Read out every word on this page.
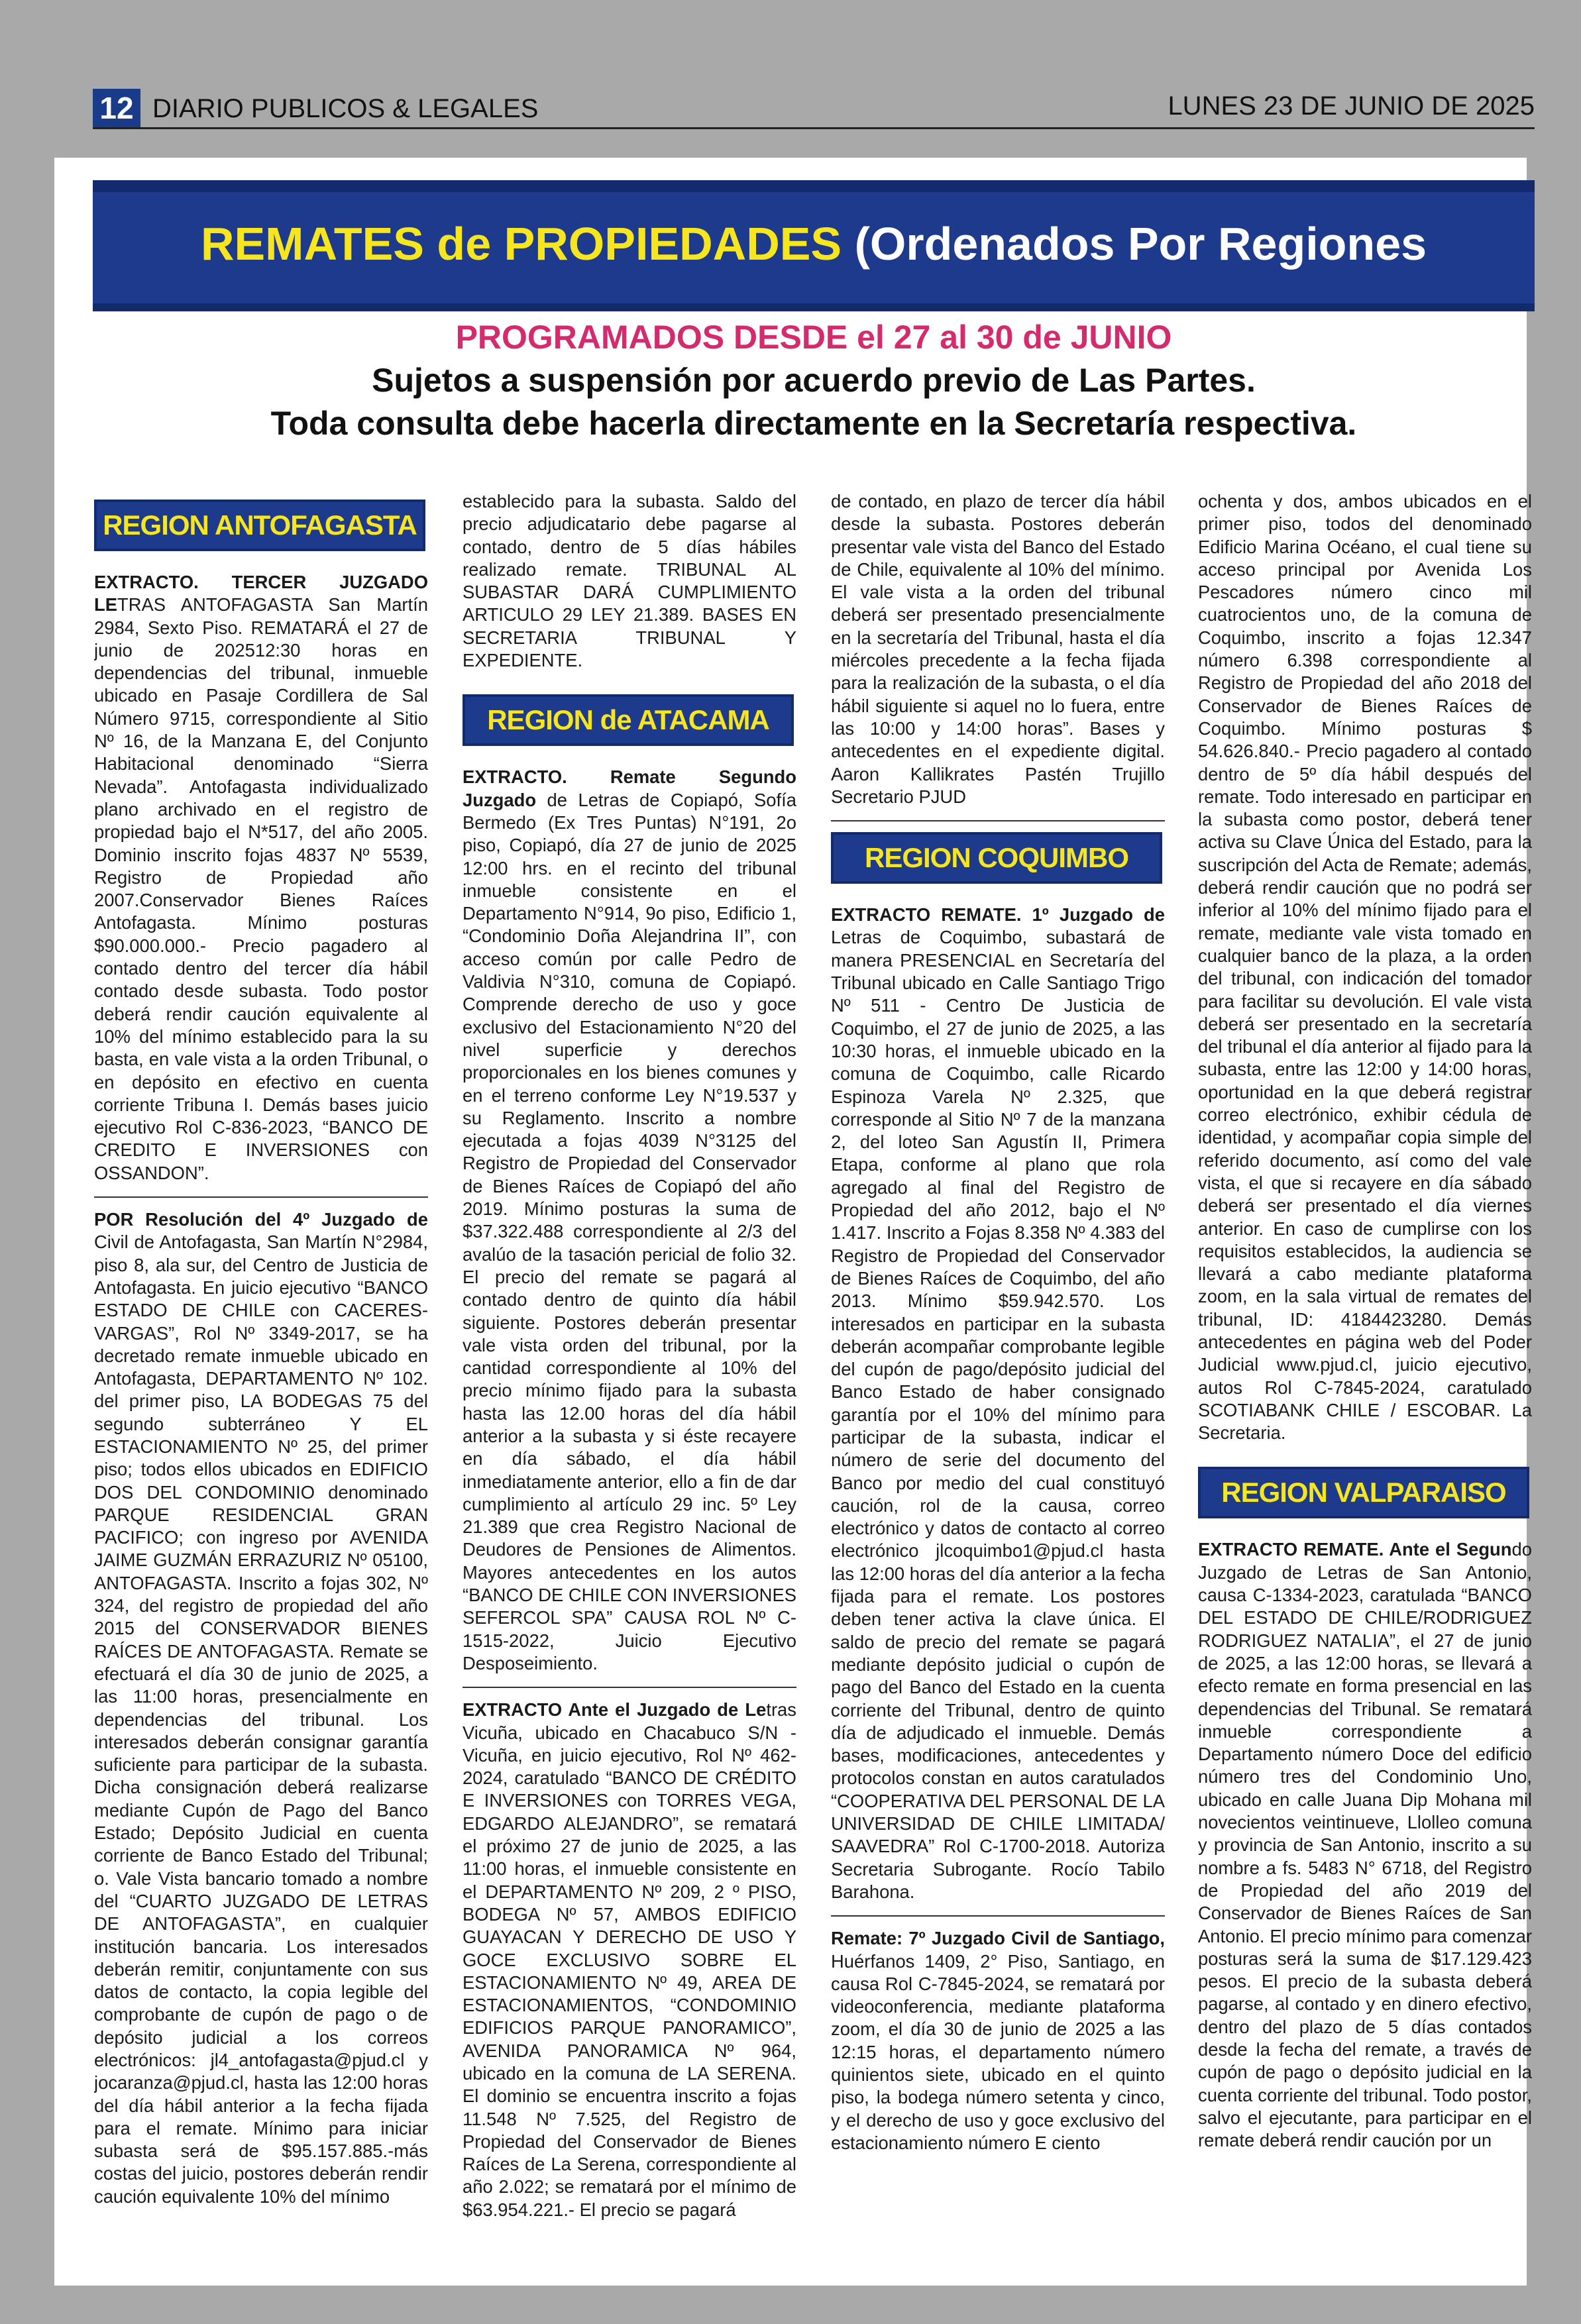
12 DIARIO PUBLICOS & LEGALES	LUNES 23 DE JUNIO DE 2025
REMATES de PROPIEDADES (Ordenados Por Regiones
PROGRAMADOS DESDE el 27 al 30 de JUNIO
Sujetos a suspensión por acuerdo previo de Las Partes.
Toda consulta debe hacerla directamente en la Secretaría respectiva.
REGION ANTOFAGASTA
EXTRACTO. TERCER JUZGADO LETRAS ANTOFAGASTA San Martín 2984, Sexto Piso. REMATARÁ el 27 de junio de 202512:30 horas en dependencias del tribunal, inmueble ubicado en Pasaje Cordillera de Sal Número 9715, correspondiente al Sitio Nº 16, de la Manzana E, del Conjunto Habitacional denominado “Sierra Nevada”. Antofagasta individualizado plano archivado en el registro de propiedad bajo el N*517, del año 2005. Dominio inscrito fojas 4837 Nº 5539, Registro de Propiedad año 2007.Conservador Bienes Raíces Antofagasta. Mínimo posturas $90.000.000.- Precio pagadero al contado dentro del tercer día hábil contado desde subasta. Todo postor deberá rendir caución equivalente al 10% del mínimo establecido para la su basta, en vale vista a la orden Tribunal, o en depósito en efectivo en cuenta corriente Tribuna I. Demás bases juicio ejecutivo Rol C-836-2023, “BANCO DE CREDITO E INVERSIONES con OSSANDON”.
POR Resolución del 4º Juzgado de Civil de Antofagasta, San Martín N°2984, piso 8, ala sur, del Centro de Justicia de Antofagasta. En juicio ejecutivo “BANCO ESTADO DE CHILE con CACERES-VARGAS”, Rol Nº 3349-2017, se ha decretado remate inmueble ubicado en Antofagasta, DEPARTAMENTO Nº 102. del primer piso, LA BODEGAS 75 del segundo subterráneo Y EL ESTACIONAMIENTO Nº 25, del primer piso; todos ellos ubicados en EDIFICIO DOS DEL CONDOMINIO denominado PARQUE RESIDENCIAL GRAN PACIFICO; con ingreso por AVENIDA JAIME GUZMÁN ERRAZURIZ Nº 05100, ANTOFAGASTA. Inscrito a fojas 302, Nº 324, del registro de propiedad del año 2015 del CONSERVADOR BIENES RAÍCES DE ANTOFAGASTA. Remate se efectuará el día 30 de junio de 2025, a las 11:00 horas, presencialmente en dependencias del tribunal. Los interesados deberán consignar garantía suficiente para participar de la subasta. Dicha consignación deberá realizarse mediante Cupón de Pago del Banco Estado; Depósito Judicial en cuenta corriente de Banco Estado del Tribunal; o. Vale Vista bancario tomado a nombre del “CUARTO JUZGADO DE LETRAS DE ANTOFAGASTA”, en cualquier institución bancaria. Los interesados deberán remitir, conjuntamente con sus datos de contacto, la copia legible del comprobante de cupón de pago o de depósito judicial a los correos electrónicos: jl4_antofagasta@pjud.cl y jocaranza@pjud.cl, hasta las 12:00 horas del día hábil anterior a la fecha fijada para el remate. Mínimo para iniciar subasta será de $95.157.885.-más costas del juicio, postores deberán rendir caución equivalente 10% del mínimo
establecido para la subasta. Saldo del precio adjudicatario debe pagarse al contado, dentro de 5 días hábiles realizado remate. TRIBUNAL AL SUBASTAR DARÁ CUMPLIMIENTO ARTICULO 29 LEY 21.389. BASES EN SECRETARIA TRIBUNAL Y EXPEDIENTE.
REGION de ATACAMA
EXTRACTO. Remate Segundo Juzgado de Letras de Copiapó, Sofía Bermedo (Ex Tres Puntas) N°191, 2o piso, Copiapó, día 27 de junio de 2025 12:00 hrs. en el recinto del tribunal inmueble consistente en el Departamento N°914, 9o piso, Edificio 1, “Condominio Doña Alejandrina II”, con acceso común por calle Pedro de Valdivia N°310, comuna de Copiapó. Comprende derecho de uso y goce exclusivo del Estacionamiento N°20 del nivel superficie y derechos proporcionales en los bienes comunes y en el terreno conforme Ley N°19.537 y su Reglamento. Inscrito a nombre ejecutada a fojas 4039 N°3125 del Registro de Propiedad del Conservador de Bienes Raíces de Copiapó del año 2019. Mínimo posturas la suma de $37.322.488 correspondiente al 2/3 del avalúo de la tasación pericial de folio 32. El precio del remate se pagará al contado dentro de quinto día hábil siguiente. Postores deberán presentar vale vista orden del tribunal, por la cantidad correspondiente al 10% del precio mínimo fijado para la subasta hasta las 12.00 horas del día hábil anterior a la subasta y si éste recayere en día sábado, el día hábil inmediatamente anterior, ello a fin de dar cumplimiento al artículo 29 inc. 5º Ley 21.389 que crea Registro Nacional de Deudores de Pensiones de Alimentos. Mayores antecedentes en los autos “BANCO DE CHILE CON INVERSIONES SEFERCOL SPA” CAUSA ROL Nº C-1515-2022, Juicio Ejecutivo Desposeimiento.
EXTRACTO Ante el Juzgado de Letras Vicuña, ubicado en Chacabuco S/N - Vicuña, en juicio ejecutivo, Rol Nº 462-2024, caratulado “BANCO DE CRÉDITO E INVERSIONES con TORRES VEGA, EDGARDO ALEJANDRO”, se rematará el próximo 27 de junio de 2025, a las 11:00 horas, el inmueble consistente en el DEPARTAMENTO Nº 209, 2 º PISO, BODEGA Nº 57, AMBOS EDIFICIO GUAYACAN Y DERECHO DE USO Y GOCE EXCLUSIVO SOBRE EL ESTACIONAMIENTO Nº 49, AREA DE ESTACIONAMIENTOS, “CONDOMINIO EDIFICIOS PARQUE PANORAMICO”, AVENIDA PANORAMICA Nº 964, ubicado en la comuna de LA SERENA. El dominio se encuentra inscrito a fojas 11.548 Nº 7.525, del Registro de Propiedad del Conservador de Bienes Raíces de La Serena, correspondiente al año 2.022; se rematará por el mínimo de $63.954.221.- El precio se pagará
de contado, en plazo de tercer día hábil desde la subasta. Postores deberán presentar vale vista del Banco del Estado de Chile, equivalente al 10% del mínimo. El vale vista a la orden del tribunal deberá ser presentado presencialmente en la secretaría del Tribunal, hasta el día miércoles precedente a la fecha fijada para la realización de la subasta, o el día hábil siguiente si aquel no lo fuera, entre las 10:00 y 14:00 horas”. Bases y antecedentes en el expediente digital. Aaron Kallikrates Pastén Trujillo Secretario PJUD
REGION COQUIMBO
EXTRACTO REMATE. 1º Juzgado de Letras de Coquimbo, subastará de manera PRESENCIAL en Secretaría del Tribunal ubicado en Calle Santiago Trigo Nº 511 - Centro De Justicia de Coquimbo, el 27 de junio de 2025, a las 10:30 horas, el inmueble ubicado en la comuna de Coquimbo, calle Ricardo Espinoza Varela Nº 2.325, que corresponde al Sitio Nº 7 de la manzana 2, del loteo San Agustín II, Primera Etapa, conforme al plano que rola agregado al final del Registro de Propiedad del año 2012, bajo el Nº 1.417. Inscrito a Fojas 8.358 Nº 4.383 del Registro de Propiedad del Conservador de Bienes Raíces de Coquimbo, del año 2013. Mínimo $59.942.570. Los interesados en participar en la subasta deberán acompañar comprobante legible del cupón de pago/depósito judicial del Banco Estado de haber consignado garantía por el 10% del mínimo para participar de la subasta, indicar el número de serie del documento del Banco por medio del cual constituyó caución, rol de la causa, correo electrónico y datos de contacto al correo electrónico jlcoquimbo1@pjud.cl hasta las 12:00 horas del día anterior a la fecha fijada para el remate. Los postores deben tener activa la clave única. El saldo de precio del remate se pagará mediante depósito judicial o cupón de pago del Banco del Estado en la cuenta corriente del Tribunal, dentro de quinto día de adjudicado el inmueble. Demás bases, modificaciones, antecedentes y protocolos constan en autos caratulados “COOPERATIVA DEL PERSONAL DE LA UNIVERSIDAD DE CHILE LIMITADA/ SAAVEDRA” Rol C-1700-2018. Autoriza Secretaria Subrogante. Rocío Tabilo Barahona.
Remate: 7º Juzgado Civil de Santiago, Huérfanos 1409, 2° Piso, Santiago, en causa Rol C-7845-2024, se rematará por videoconferencia, mediante plataforma zoom, el día 30 de junio de 2025 a las 12:15 horas, el departamento número quinientos siete, ubicado en el quinto piso, la bodega número setenta y cinco, y el derecho de uso y goce exclusivo del estacionamiento número E ciento
ochenta y dos, ambos ubicados en el primer piso, todos del denominado Edificio Marina Océano, el cual tiene su acceso principal por Avenida Los Pescadores número cinco mil cuatrocientos uno, de la comuna de Coquimbo, inscrito a fojas 12.347 número 6.398 correspondiente al Registro de Propiedad del año 2018 del Conservador de Bienes Raíces de Coquimbo. Mínimo posturas $ 54.626.840.- Precio pagadero al contado dentro de 5º día hábil después del remate. Todo interesado en participar en la subasta como postor, deberá tener activa su Clave Única del Estado, para la suscripción del Acta de Remate; además, deberá rendir caución que no podrá ser inferior al 10% del mínimo fijado para el remate, mediante vale vista tomado en cualquier banco de la plaza, a la orden del tribunal, con indicación del tomador para facilitar su devolución. El vale vista deberá ser presentado en la secretaría del tribunal el día anterior al fijado para la subasta, entre las 12:00 y 14:00 horas, oportunidad en la que deberá registrar correo electrónico, exhibir cédula de identidad, y acompañar copia simple del referido documento, así como del vale vista, el que si recayere en día sábado deberá ser presentado el día viernes anterior. En caso de cumplirse con los requisitos establecidos, la audiencia se llevará a cabo mediante plataforma zoom, en la sala virtual de remates del tribunal, ID: 4184423280. Demás antecedentes en página web del Poder Judicial www.pjud.cl, juicio ejecutivo, autos Rol C-7845-2024, caratulado SCOTIABANK CHILE / ESCOBAR. La Secretaria.
REGION VALPARAISO
EXTRACTO REMATE. Ante el Segundo Juzgado de Letras de San Antonio, causa C-1334-2023, caratulada “BANCO DEL ESTADO DE CHILE/RODRIGUEZ RODRIGUEZ NATALIA”, el 27 de junio de 2025, a las 12:00 horas, se llevará a efecto remate en forma presencial en las dependencias del Tribunal. Se rematará inmueble correspondiente a Departamento número Doce del edificio número tres del Condominio Uno, ubicado en calle Juana Dip Mohana mil novecientos veintinueve, Llolleo comuna y provincia de San Antonio, inscrito a su nombre a fs. 5483 N° 6718, del Registro de Propiedad del año 2019 del Conservador de Bienes Raíces de San Antonio. El precio mínimo para comenzar posturas será la suma de $17.129.423 pesos. El precio de la subasta deberá pagarse, al contado y en dinero efectivo, dentro del plazo de 5 días contados desde la fecha del remate, a través de cupón de pago o depósito judicial en la cuenta corriente del tribunal. Todo postor, salvo el ejecutante, para participar en el remate deberá rendir caución por un
